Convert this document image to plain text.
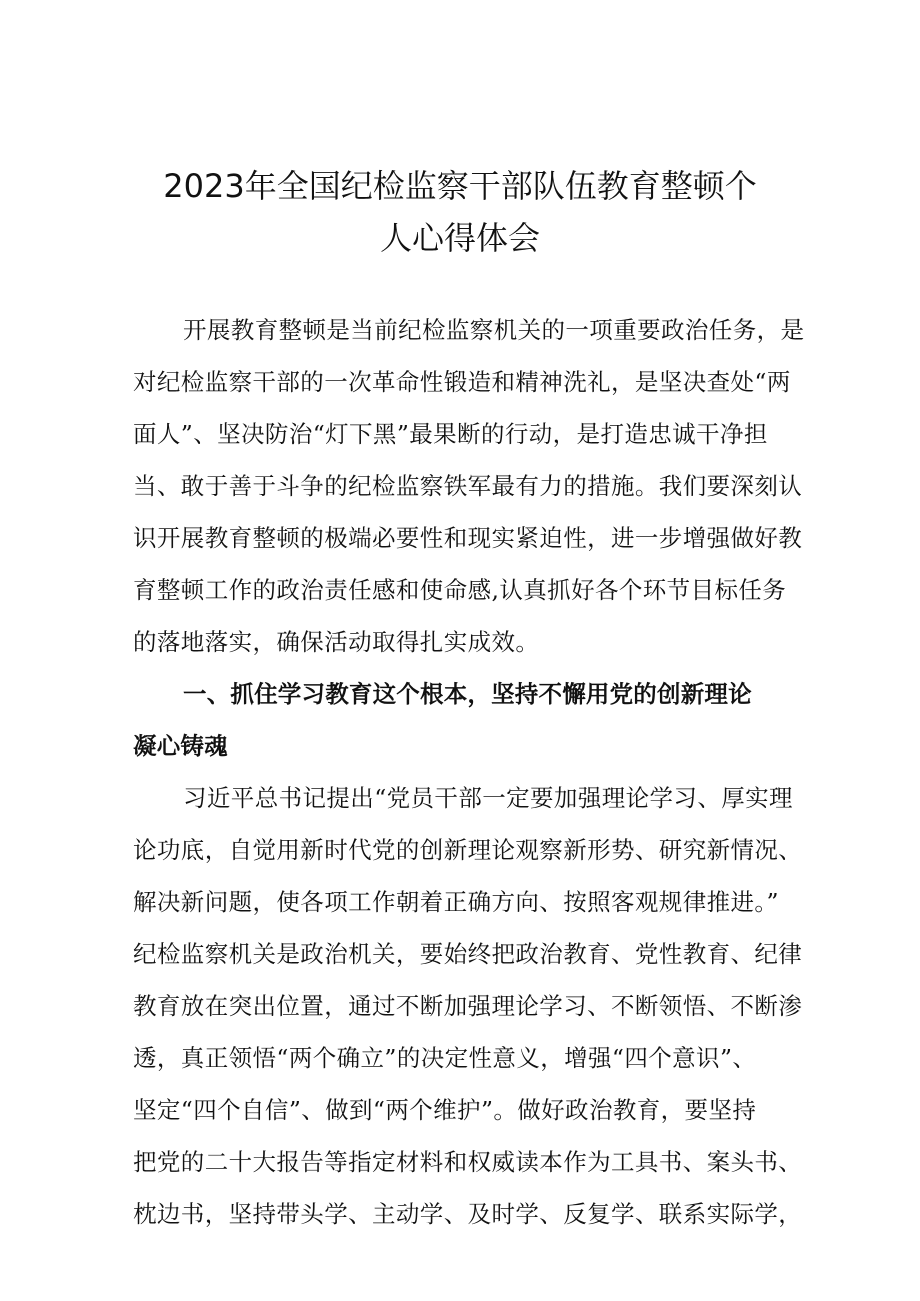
2023年全国纪检监察干部队伍教育整顿个
人心得体会

开展教育整顿是当前纪检监察机关的一项重要政治任务，是

对纪检监察干部的一次革命性锻造和精神洗礼，是坚决查处“两

面人”、坚决防治“灯下黑”最果断的行动，是打造忠诚干净担

当、敢于善于斗争的纪检监察铁军最有力的措施。我们要深刻认

识开展教育整顿的极端必要性和现实紧迫性，进一步增强做好教

育整顿工作的政治责任感和使命感,认真抓好各个环节目标任务

的落地落实，确保活动取得扎实成效。

一、抓住学习教育这个根本，坚持不懈用党的创新理论

凝心铸魂

习近平总书记提出“党员干部一定要加强理论学习、厚实理

论功底，自觉用新时代党的创新理论观察新形势、研究新情况、

解决新问题，使各项工作朝着正确方向、按照客观规律推进。”

纪检监察机关是政治机关，要始终把政治教育、党性教育、纪律

教育放在突出位置，通过不断加强理论学习、不断领悟、不断渗

透，真正领悟“两个确立”的决定性意义，增强“四个意识”、

坚定“四个自信”、做到“两个维护”。做好政治教育，要坚持

把党的二十大报告等指定材料和权威读本作为工具书、案头书、

枕边书，坚持带头学、主动学、及时学、反复学、联系实际学，
